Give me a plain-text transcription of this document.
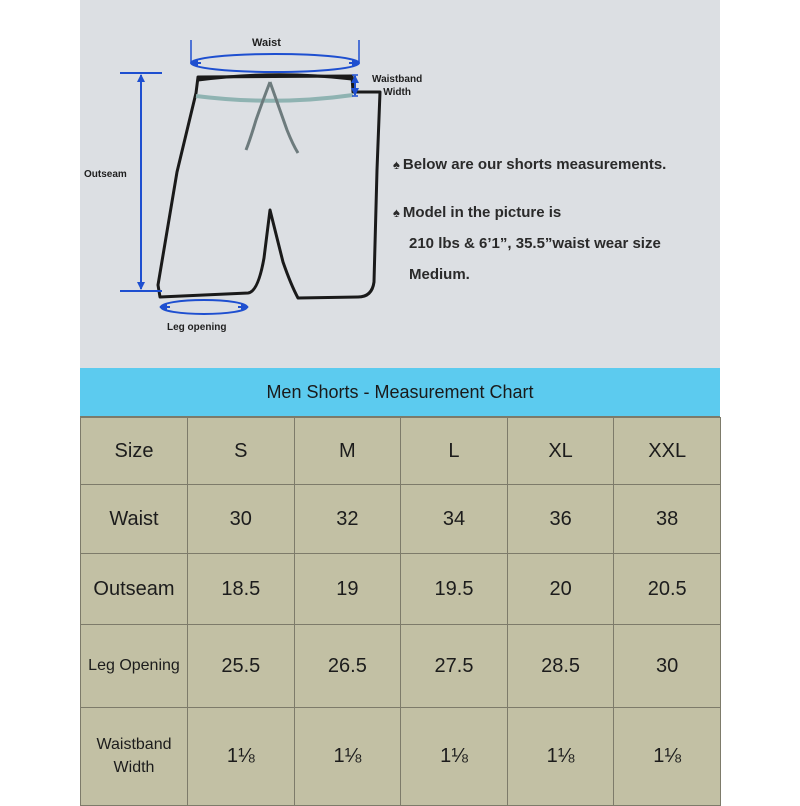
Waist
Waistband
Width
Outseam
Leg opening
♠ Below are our shorts measurements.
♠ Model in the picture is
210 lbs & 6’1”, 35.5”waist wear size
Medium.
Men Shorts - Measurement Chart
Size	S	M	L	XL	XXL
Waist	30	32	34	36	38
Outseam	18.5	19	19.5	20	20.5
Leg Opening	25.5	26.5	27.5	28.5	30
Waistband
Width	1⅛	1⅛	1⅛	1⅛	1⅛
